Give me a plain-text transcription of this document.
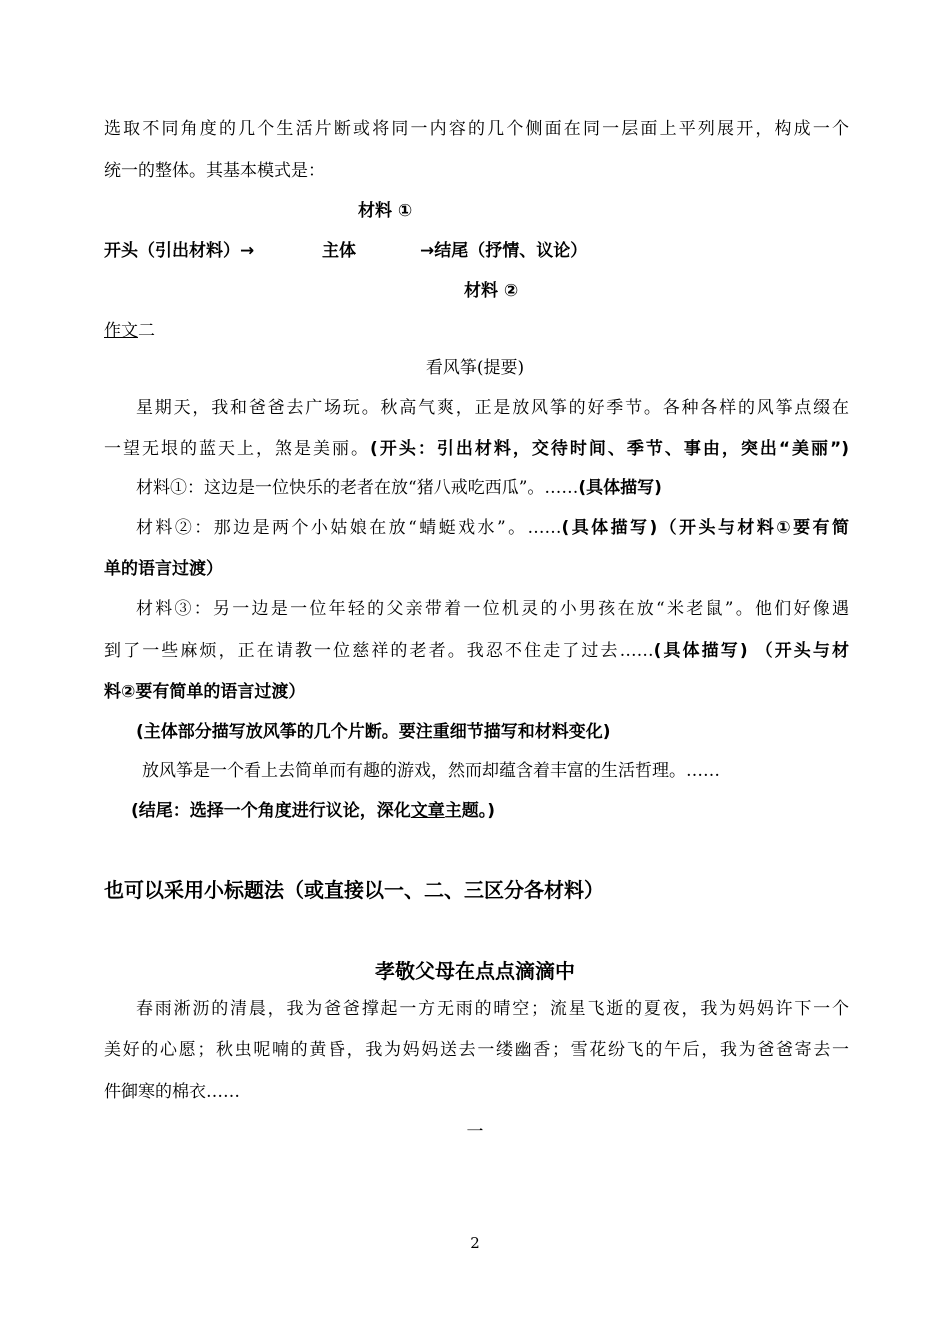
选取不同角度的几个生活片断或将同一内容的几个侧面在同一层面上平列展开，构成一个
统一的整体。其基本模式是：
材料 ①
开头（引出材料）→	主体	→结尾（抒情、议论）
材料 ②
作文二
看风筝(提要)
星期天，我和爸爸去广场玩。秋高气爽，正是放风筝的好季节。各种各样的风筝点缀在
一望无垠的蓝天上，煞是美丽。(开头：引出材料，交待时间、季节、事由，突出“美丽”)
材料①：这边是一位快乐的老者在放“猪八戒吃西瓜”。……(具体描写)
材料②：那边是两个小姑娘在放“蜻蜓戏水”。……(具体描写)（开头与材料①要有简
单的语言过渡）
材料③：另一边是一位年轻的父亲带着一位机灵的小男孩在放“米老鼠”。他们好像遇
到了一些麻烦，正在请教一位慈祥的老者。我忍不住走了过去……(具体描写) （开头与材
料②要有简单的语言过渡）
(主体部分描写放风筝的几个片断。要注重细节描写和材料变化)
放风筝是一个看上去简单而有趣的游戏，然而却蕴含着丰富的生活哲理。……
(结尾：选择一个角度进行议论，深化文章主题。)
也可以采用小标题法（或直接以一、二、三区分各材料）
孝敬父母在点点滴滴中
春雨淅沥的清晨，我为爸爸撑起一方无雨的晴空；流星飞逝的夏夜，我为妈妈许下一个
美好的心愿；秋虫呢喃的黄昏，我为妈妈送去一缕幽香；雪花纷飞的午后，我为爸爸寄去一
件御寒的棉衣……
一
2
